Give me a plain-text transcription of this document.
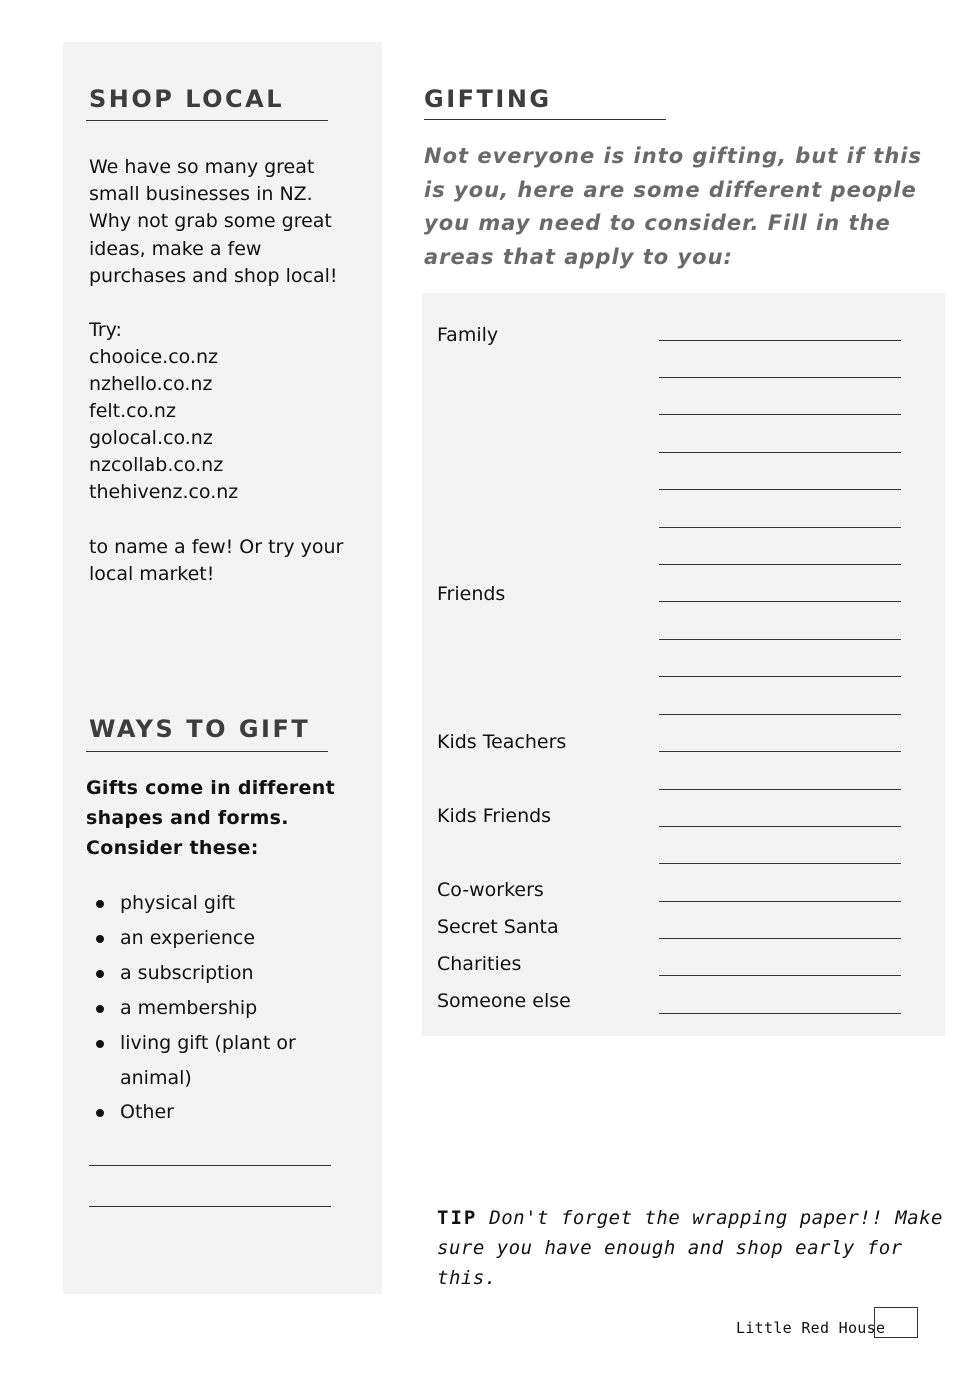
SHOP LOCAL
We have so many great small businesses in NZ. Why not grab some great ideas, make a few purchases and shop local!
Try:
chooice.co.nz
nzhello.co.nz
felt.co.nz
golocal.co.nz
nzcollab.co.nz
thehivenz.co.nz
to name a few! Or try your local market!
WAYS TO GIFT
Gifts come in different shapes and forms. Consider these:
physical gift
an experience
a subscription
a membership
living gift (plant or animal)
Other
GIFTING
Not everyone is into gifting, but if this is you, here are some different people you may need to consider. Fill in the areas that apply to you:
Family
Friends
Kids Teachers
Kids Friends
Co-workers
Secret Santa
Charities
Someone else
TIP Don't forget the wrapping paper!! Make sure you have enough and shop early for this.
Little Red House
